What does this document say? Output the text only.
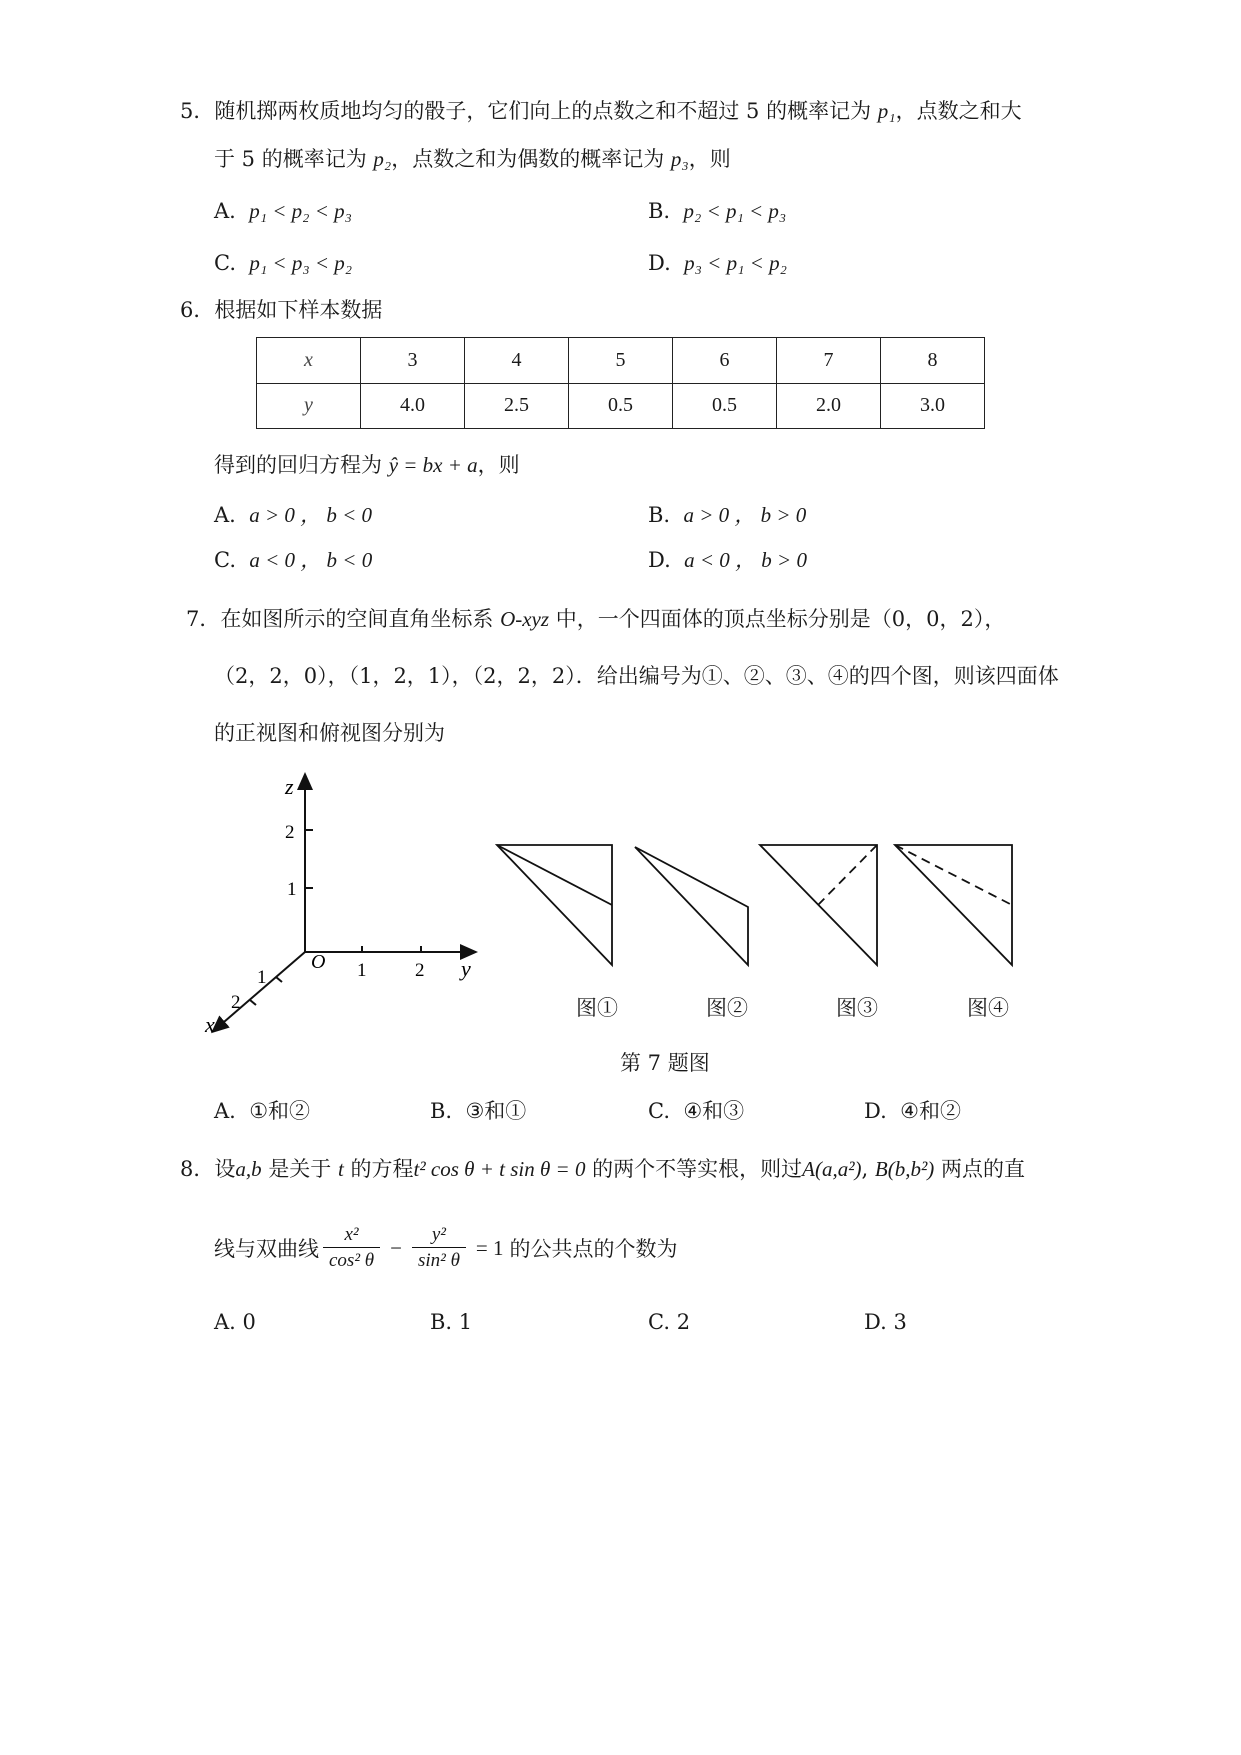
5．随机掷两枚质地均匀的骰子，它们向上的点数之和不超过 5 的概率记为 p₁，点数之和大
于 5 的概率记为 p₂，点数之和为偶数的概率记为 p₃，则
A. p₁ < p₂ < p₃	B. p₂ < p₁ < p₃
C. p₁ < p₃ < p₂	D. p₃ < p₁ < p₂
6．根据如下样本数据
x	3	4	5	6	7	8
y	4.0	2.5	0.5	0.5	2.0	3.0
得到的回归方程为 ŷ = bx + a，则
A. a > 0 ， b < 0	B. a > 0 ， b > 0
C. a < 0 ， b < 0	D. a < 0 ， b > 0
7．在如图所示的空间直角坐标系 O-xyz 中，一个四面体的顶点坐标分别是（0，0，2），
（2，2，0），（1，2，1），（2，2，2）．给出编号为①、②、③、④的四个图，则该四面体
的正视图和俯视图分别为
z
2
1
O 1	2 y
1
2
x
图①	图②	图③	图④
第 7 题图
A. ①和②	B. ③和①	C. ④和③	D. ④和②
8．设a,b 是关于 t 的方程t² cos θ + t sin θ = 0 的两个不等实根，则过A(a,a²), B(b,b²) 两点的直
线与双曲线 $\frac{\text{x²}}{\text{cos² θ}} - \frac{\text{y²}}{\text{sin² θ}} = 1$ 的公共点的个数为
A. 0	B. 1	C. 2	D. 3
